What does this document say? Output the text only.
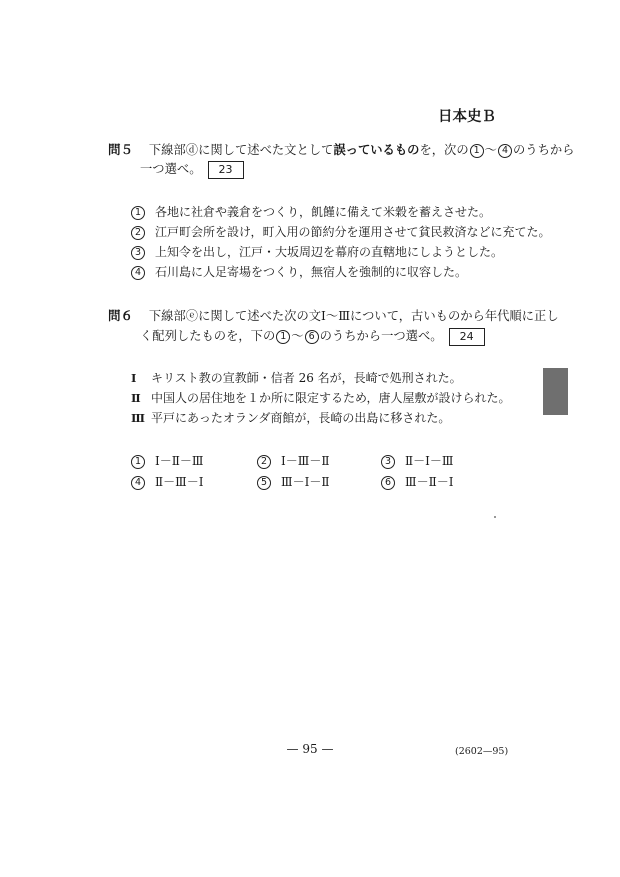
日本史Ｂ
問５ 下線部ⓓに関して述べた文として誤っているものを，次の 1 〜 4 のうちから
一つ選べ。 23
1 各地に社倉や義倉をつくり，飢饉に備えて米穀を蓄えさせた。
2 江戸町会所を設け，町入用の節約分を運用させて貧民救済などに充てた。
3 上知令を出し，江戸・大坂周辺を幕府の直轄地にしようとした。
4 石川島に人足寄場をつくり，無宿人を強制的に収容した。
問６ 下線部ⓔに関して述べた次の文Ⅰ〜Ⅲについて，古いものから年代順に正し
く配列したものを，下の 1 〜 6 のうちから一つ選べ。 24
Ⅰ キリスト教の宣教師・信者 26 名が，長崎で処刑された。
Ⅱ 中国人の居住地を１か所に限定するため，唐人屋敷が設けられた。
Ⅲ 平戸にあったオランダ商館が，長崎の出島に移された。
1 Ⅰ－Ⅱ－Ⅲ	2 Ⅰ－Ⅲ－Ⅱ	3 Ⅱ－Ⅰ－Ⅲ
4 Ⅱ－Ⅲ－Ⅰ	5 Ⅲ－Ⅰ－Ⅱ	6 Ⅲ－Ⅱ－Ⅰ
— 95 —	(2602—95)
